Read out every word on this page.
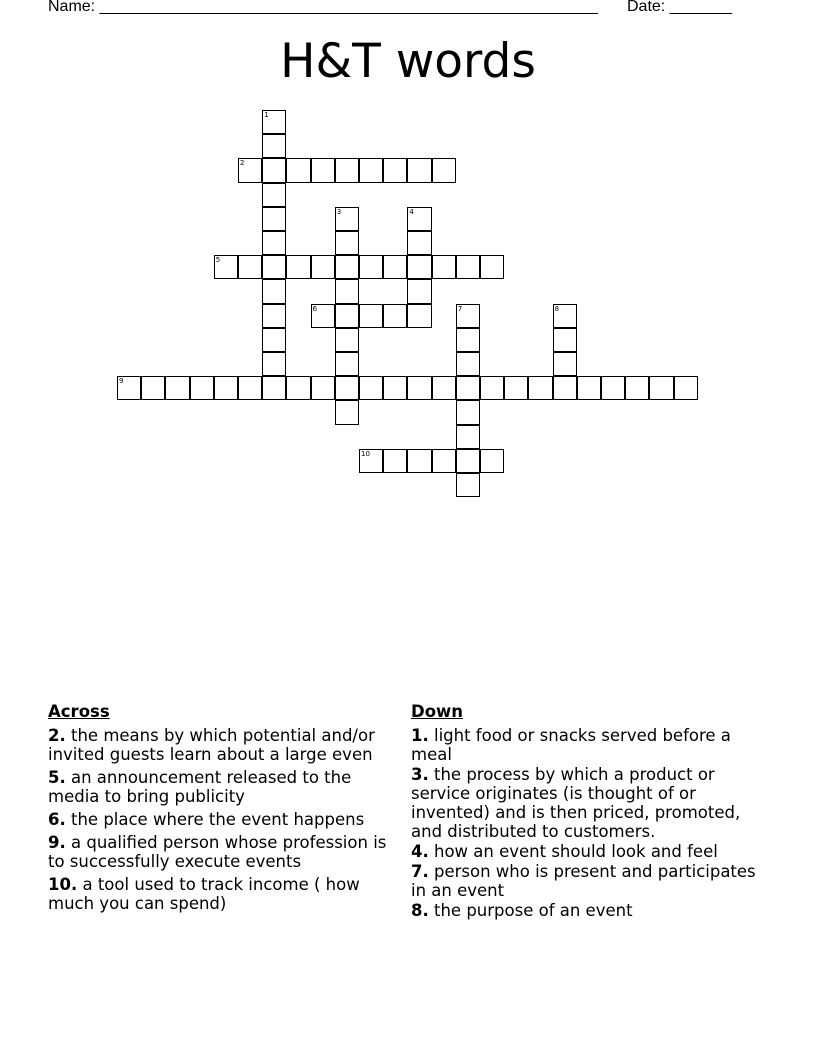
Name: ________________________________________________________ Date: _______
H&T words
1
2
3	4
5
6	7	8
9
10
Across
2. the means by which potential and/or invited guests learn about a large even
5. an announcement released to the media to bring publicity
6. the place where the event happens
9. a qualified person whose profession is to successfully execute events
10. a tool used to track income ( how much you can spend)
Down
1. light food or snacks served before a meal
3. the process by which a product or service originates (is thought of or invented) and is then priced, promoted, and distributed to customers.
4. how an event should look and feel
7. person who is present and participates in an event
8. the purpose of an event
